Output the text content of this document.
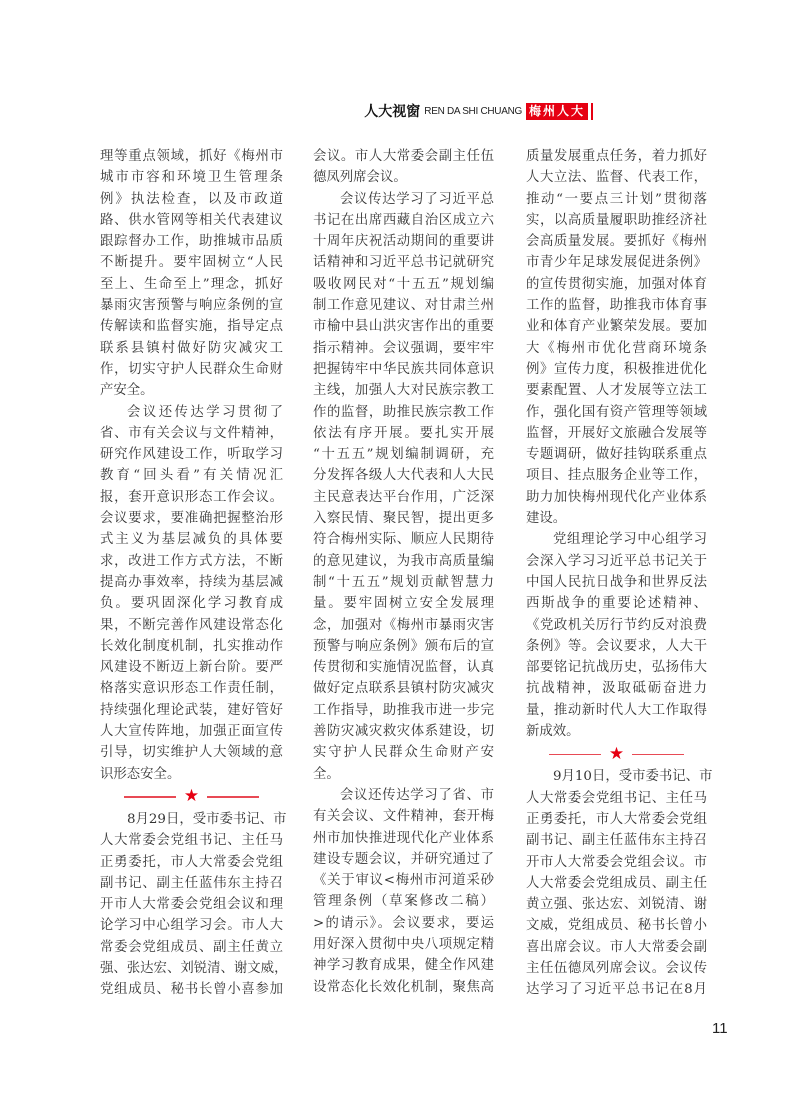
人大视窗 REN DA SHI CHUANG 梅州人大
理等重点领域，抓好《梅州市
城市市容和环境卫生管理条
例》执法检查，以及市政道
路、供水管网等相关代表建议
跟踪督办工作，助推城市品质
不断提升。要牢固树立“人民
至上、生命至上”理念，抓好
暴雨灾害预警与响应条例的宣
传解读和监督实施，指导定点
联系县镇村做好防灾减灾工
作，切实守护人民群众生命财
产安全。
会议还传达学习贯彻了
省、市有关会议与文件精神，
研究作风建设工作，听取学习
教育“回头看”有关情况汇
报，套开意识形态工作会议。
会议要求，要准确把握整治形
式主义为基层减负的具体要
求，改进工作方式方法，不断
提高办事效率，持续为基层减
负。要巩固深化学习教育成
果，不断完善作风建设常态化
长效化制度机制，扎实推动作
风建设不断迈上新台阶。要严
格落实意识形态工作责任制，
持续强化理论武装，建好管好
人大宣传阵地，加强正面宣传
引导，切实维护人大领域的意
识形态安全。
★
8月29日，受市委书记、市
人大常委会党组书记、主任马
正勇委托，市人大常委会党组
副书记、副主任蓝伟东主持召
开市人大常委会党组会议和理
论学习中心组学习会。市人大
常委会党组成员、副主任黄立
强、张达宏、刘锐清、谢文威，
党组成员、秘书长曾小喜参加
会议。市人大常委会副主任伍
德凤列席会议。
会议传达学习了习近平总
书记在出席西藏自治区成立六
十周年庆祝活动期间的重要讲
话精神和习近平总书记就研究
吸收网民对“十五五”规划编
制工作意见建议、对甘肃兰州
市榆中县山洪灾害作出的重要
指示精神。会议强调，要牢牢
把握铸牢中华民族共同体意识
主线，加强人大对民族宗教工
作的监督，助推民族宗教工作
依法有序开展。要扎实开展
“十五五”规划编制调研，充
分发挥各级人大代表和人大民
主民意表达平台作用，广泛深
入察民情、聚民智，提出更多
符合梅州实际、顺应人民期待
的意见建议，为我市高质量编
制“十五五”规划贡献智慧力
量。要牢固树立安全发展理
念，加强对《梅州市暴雨灾害
预警与响应条例》颁布后的宣
传贯彻和实施情况监督，认真
做好定点联系县镇村防灾减灾
工作指导，助推我市进一步完
善防灾减灾救灾体系建设，切
实守护人民群众生命财产安
全。
会议还传达学习了省、市
有关会议、文件精神，套开梅
州市加快推进现代化产业体系
建设专题会议，并研究通过了
《关于审议<梅州市河道采砂
管理条例（草案修改二稿）
>的请示》。会议要求，要运
用好深入贯彻中央八项规定精
神学习教育成果，健全作风建
设常态化长效化机制，聚焦高
质量发展重点任务，着力抓好
人大立法、监督、代表工作，
推动“一要点三计划”贯彻落
实，以高质量履职助推经济社
会高质量发展。要抓好《梅州
市青少年足球发展促进条例》
的宣传贯彻实施，加强对体育
工作的监督，助推我市体育事
业和体育产业繁荣发展。要加
大《梅州市优化营商环境条
例》宣传力度，积极推进优化
要素配置、人才发展等立法工
作，强化国有资产管理等领域
监督，开展好文旅融合发展等
专题调研，做好挂钩联系重点
项目、挂点服务企业等工作，
助力加快梅州现代化产业体系
建设。
党组理论学习中心组学习
会深入学习习近平总书记关于
中国人民抗日战争和世界反法
西斯战争的重要论述精神、
《党政机关厉行节约反对浪费
条例》等。会议要求，人大干
部要铭记抗战历史，弘扬伟大
抗战精神，汲取砥砺奋进力
量，推动新时代人大工作取得
新成效。
★
9月10日，受市委书记、市
人大常委会党组书记、主任马
正勇委托，市人大常委会党组
副书记、副主任蓝伟东主持召
开市人大常委会党组会议。市
人大常委会党组成员、副主任
黄立强、张达宏、刘锐清、谢
文威，党组成员、秘书长曾小
喜出席会议。市人大常委会副
主任伍德凤列席会议。会议传
达学习了习近平总书记在8月
11
